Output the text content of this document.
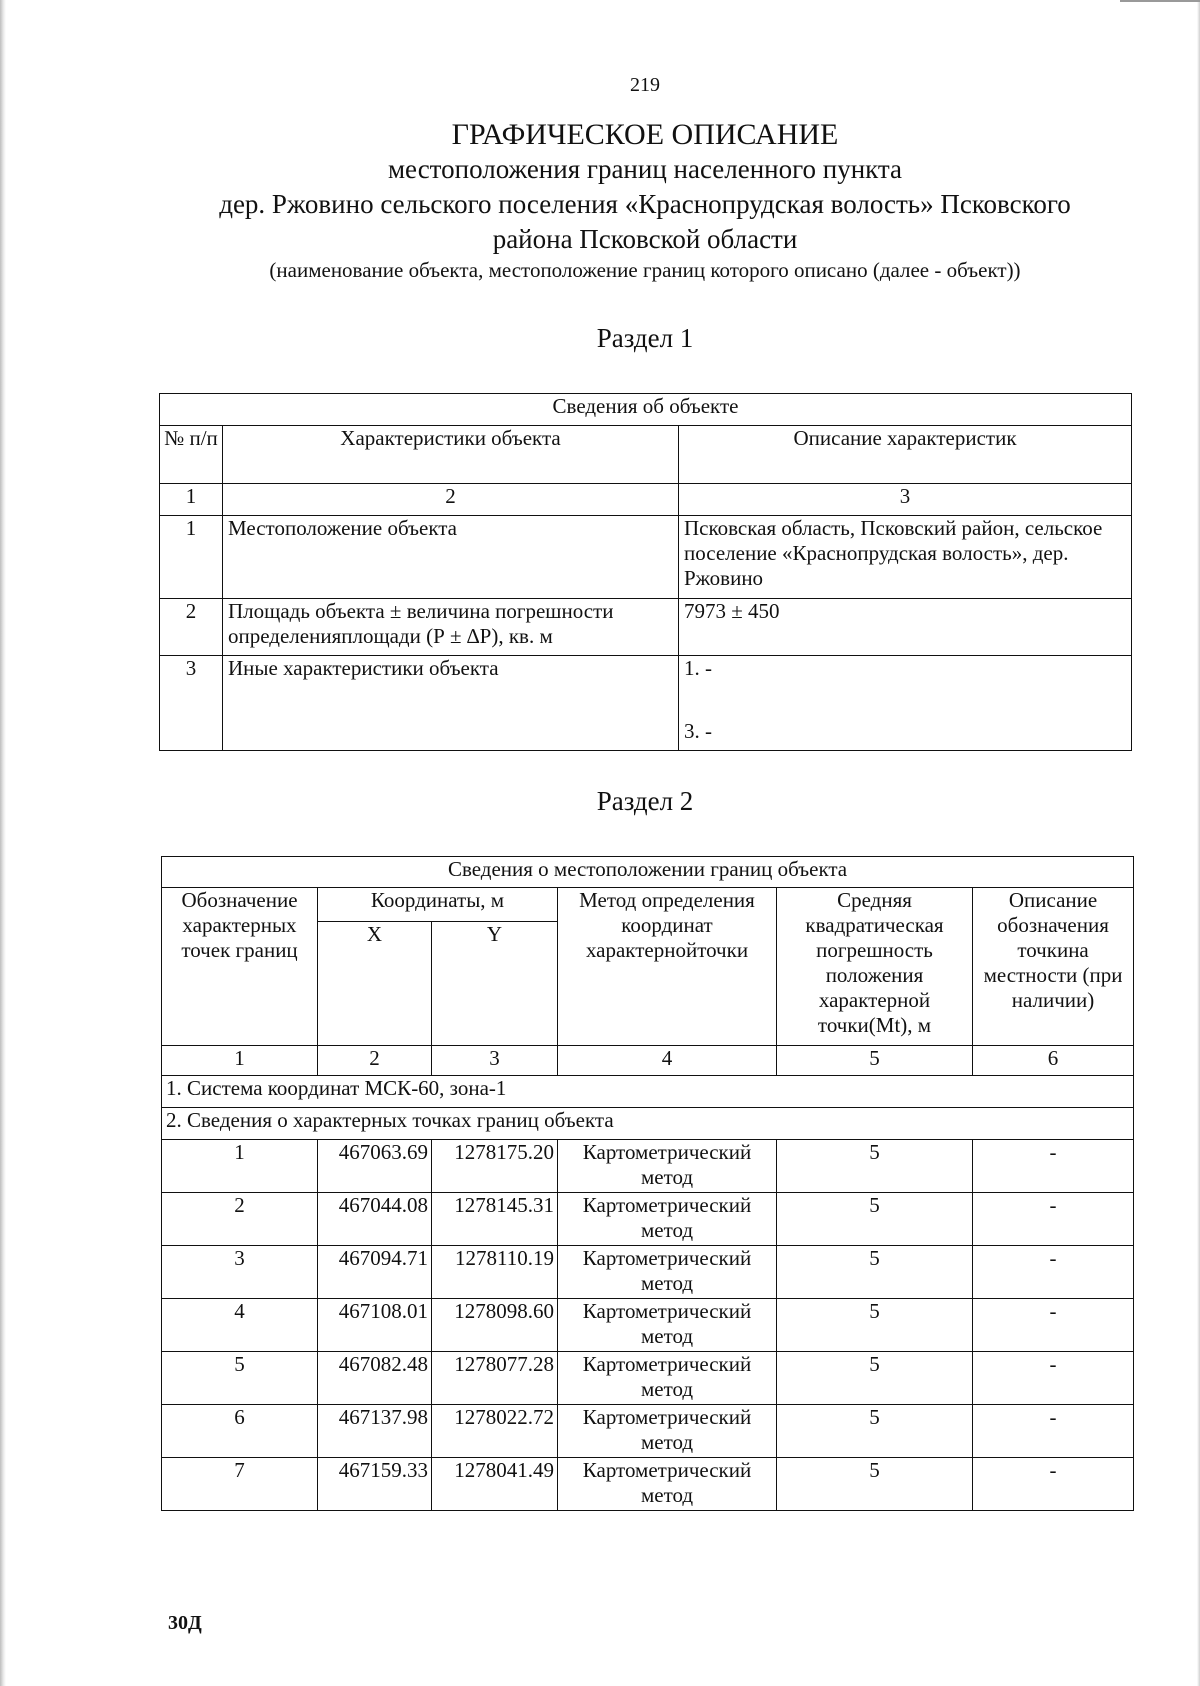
219
ГРАФИЧЕСКОЕ ОПИСАНИЕ
местоположения границ населенного пункта
дер. Ржовино сельского поселения «Краснопрудская волость» Псковского
района Псковской области
(наименование объекта, местоположение границ которого описано (далее - объект))
Раздел 1
Сведения об объекте		
№ п/п	Характеристики объекта	Описание характеристик
1	2	3
1	Местоположение объекта	Псковская область, Псковский район, сельское поселение «Краснопрудская волость», дер. Ржовино
2	Площадь объекта ± величина погрешности определенияплощади (Р ± ∆Р), кв. м	7973 ± 450
3	Иные характеристики объекта	1. -
3. -
Раздел 2
Сведения о местоположении границ объекта					
Обозначение характерных точек границ	Координаты, м		Метод определения координат характернойточки	Средняя квадратическая погрешность положения характерной точки(Mt), м	Описание обозначения точкина местности (при наличии)
	X	Y			
1	2	3	4	5	6
1. Система координат МСК-60, зона-1					
2. Сведения о характерных точках границ объекта					
1	467063.69	1278175.20	Картометрический метод	5	-
2	467044.08	1278145.31	Картометрический метод	5	-
3	467094.71	1278110.19	Картометрический метод	5	-
4	467108.01	1278098.60	Картометрический метод	5	-
5	467082.48	1278077.28	Картометрический метод	5	-
6	467137.98	1278022.72	Картометрический метод	5	-
7	467159.33	1278041.49	Картометрический метод	5	-
30Д
